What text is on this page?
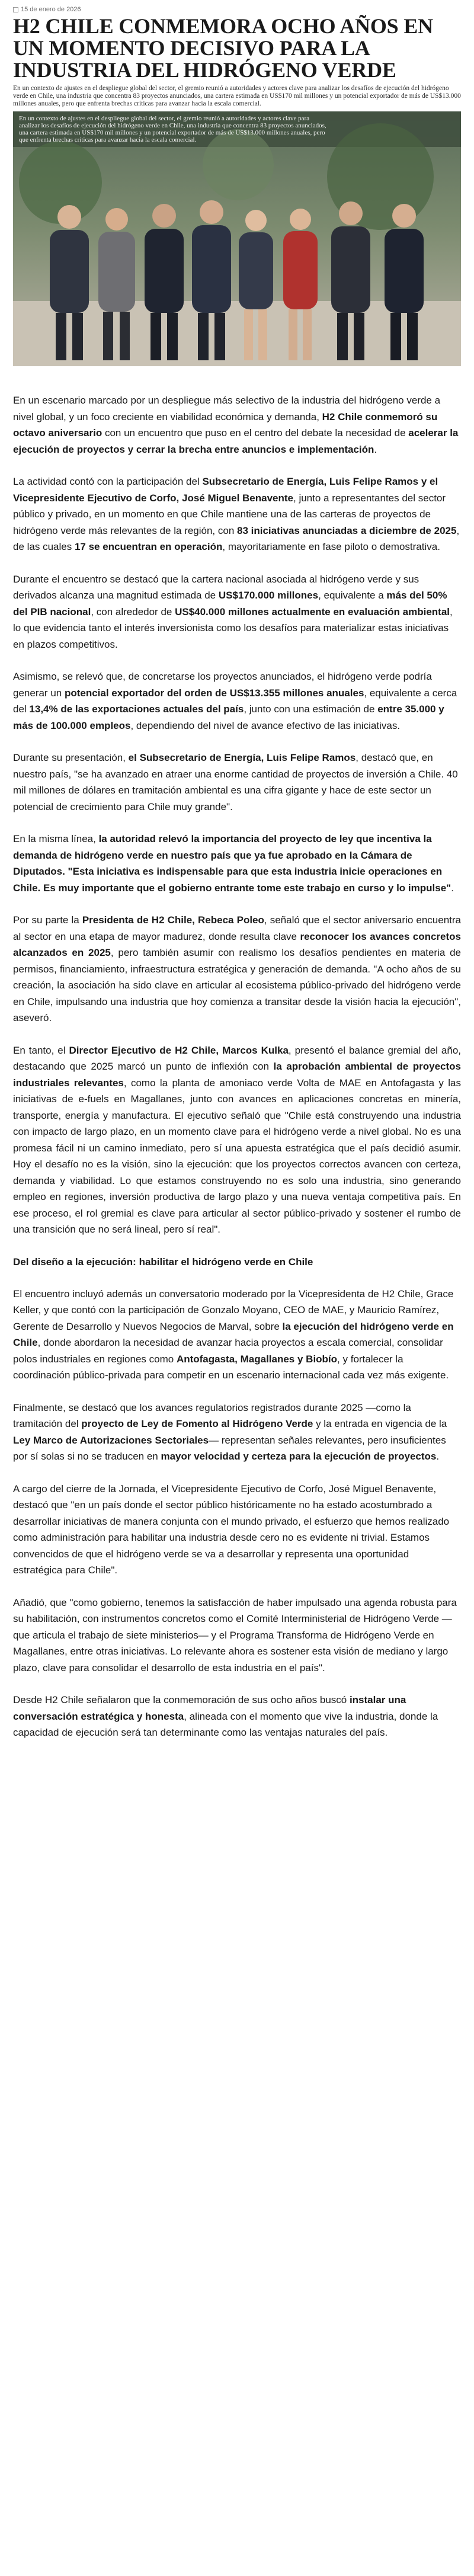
15 de enero de 2026
H2 CHILE CONMEMORA OCHO AÑOS EN UN MOMENTO DECISIVO PARA LA INDUSTRIA DEL HIDRÓGENO VERDE
En un contexto de ajustes en el despliegue global del sector, el gremio reunió a autoridades y actores clave para analizar los desafíos de ejecución del hidrógeno verde en Chile, una industria que concentra 83 proyectos anunciados, una cartera estimada en US$170 mil millones y un potencial exportador de más de US$13.000 millones anuales, pero que enfrenta brechas críticas para avanzar hacia la escala comercial.
En un contexto de ajustes en el despliegue global del sector, el gremio reunió a autoridades y actores clave para analizar los desafíos de ejecución del hidrógeno verde en Chile, una industria que concentra 83 proyectos anunciados, una cartera estimada en US$170 mil millones y un potencial exportador de más de US$13.000 millones anuales, pero que enfrenta brechas críticas para avanzar hacia la escala comercial.

En un escenario marcado por un despliegue más selectivo de la industria del hidrógeno verde a nivel global, y un foco creciente en viabilidad económica y demanda, H2 Chile conmemoró su octavo aniversario con un encuentro que puso en el centro del debate la necesidad de acelerar la ejecución de proyectos y cerrar la brecha entre anuncios e implementación.

La actividad contó con la participación del Subsecretario de Energía, Luis Felipe Ramos y el Vicepresidente Ejecutivo de Corfo, José Miguel Benavente, junto a representantes del sector público y privado, en un momento en que Chile mantiene una de las carteras de proyectos de hidrógeno verde más relevantes de la región, con 83 iniciativas anunciadas a diciembre de 2025, de las cuales 17 se encuentran en operación, mayoritariamente en fase piloto o demostrativa.

Durante el encuentro se destacó que la cartera nacional asociada al hidrógeno verde y sus derivados alcanza una magnitud estimada de US$170.000 millones, equivalente a más del 50% del PIB nacional, con alrededor de US$40.000 millones actualmente en evaluación ambiental, lo que evidencia tanto el interés inversionista como los desafíos para materializar estas iniciativas en plazos competitivos.

Asimismo, se relevó que, de concretarse los proyectos anunciados, el hidrógeno verde podría generar un potencial exportador del orden de US$13.355 millones anuales, equivalente a cerca del 13,4% de las exportaciones actuales del país, junto con una estimación de entre 35.000 y más de 100.000 empleos, dependiendo del nivel de avance efectivo de las iniciativas.

Durante su presentación, el Subsecretario de Energía, Luis Felipe Ramos, destacó que, en nuestro país, "se ha avanzado en atraer una enorme cantidad de proyectos de inversión a Chile. 40 mil millones de dólares en tramitación ambiental es una cifra gigante y hace de este sector un potencial de crecimiento para Chile muy grande".

En la misma línea, la autoridad relevó la importancia del proyecto de ley que incentiva la demanda de hidrógeno verde en nuestro país que ya fue aprobado en la Cámara de Diputados. "Esta iniciativa es indispensable para que esta industria inicie operaciones en Chile. Es muy importante que el gobierno entrante tome este trabajo en curso y lo impulse".

Por su parte la Presidenta de H2 Chile, Rebeca Poleo, señaló que el sector aniversario encuentra al sector en una etapa de mayor madurez, donde resulta clave reconocer los avances concretos alcanzados en 2025, pero también asumir con realismo los desafíos pendientes en materia de permisos, financiamiento, infraestructura estratégica y generación de demanda. "A ocho años de su creación, la asociación ha sido clave en articular al ecosistema público-privado del hidrógeno verde en Chile, impulsando una industria que hoy comienza a transitar desde la visión hacia la ejecución", aseveró.

En tanto, el Director Ejecutivo de H2 Chile, Marcos Kulka, presentó el balance gremial del año, destacando que 2025 marcó un punto de inflexión con la aprobación ambiental de proyectos industriales relevantes, como la planta de amoniaco verde Volta de MAE en Antofagasta y las iniciativas de e-fuels en Magallanes, junto con avances en aplicaciones concretas en minería, transporte, energía y manufactura. El ejecutivo señaló que "Chile está construyendo una industria con impacto de largo plazo, en un momento clave para el hidrógeno verde a nivel global. No es una promesa fácil ni un camino inmediato, pero sí una apuesta estratégica que el país decidió asumir. Hoy el desafío no es la visión, sino la ejecución: que los proyectos correctos avancen con certeza, demanda y viabilidad. Lo que estamos construyendo no es solo una industria, sino generando empleo en regiones, inversión productiva de largo plazo y una nueva ventaja competitiva país. En ese proceso, el rol gremial es clave para articular al sector público-privado y sostener el rumbo de una transición que no será lineal, pero sí real".

Del diseño a la ejecución: habilitar el hidrógeno verde en Chile

El encuentro incluyó además un conversatorio moderado por la Vicepresidenta de H2 Chile, Grace Keller, y que contó con la participación de Gonzalo Moyano, CEO de MAE, y Mauricio Ramírez, Gerente de Desarrollo y Nuevos Negocios de Marval, sobre la ejecución del hidrógeno verde en Chile, donde abordaron la necesidad de avanzar hacia proyectos a escala comercial, consolidar polos industriales en regiones como Antofagasta, Magallanes y Biobío, y fortalecer la coordinación público-privada para competir en un escenario internacional cada vez más exigente.

Finalmente, se destacó que los avances regulatorios registrados durante 2025 —como la tramitación del proyecto de Ley de Fomento al Hidrógeno Verde y la entrada en vigencia de la Ley Marco de Autorizaciones Sectoriales— representan señales relevantes, pero insuficientes por sí solas si no se traducen en mayor velocidad y certeza para la ejecución de proyectos.

A cargo del cierre de la Jornada, el Vicepresidente Ejecutivo de Corfo, José Miguel Benavente, destacó que "en un país donde el sector público históricamente no ha estado acostumbrado a desarrollar iniciativas de manera conjunta con el mundo privado, el esfuerzo que hemos realizado como administración para habilitar una industria desde cero no es evidente ni trivial. Estamos convencidos de que el hidrógeno verde se va a desarrollar y representa una oportunidad estratégica para Chile".

Añadió, que "como gobierno, tenemos la satisfacción de haber impulsado una agenda robusta para su habilitación, con instrumentos concretos como el Comité Interministerial de Hidrógeno Verde —que articula el trabajo de siete ministerios— y el Programa Transforma de Hidrógeno Verde en Magallanes, entre otras iniciativas. Lo relevante ahora es sostener esta visión de mediano y largo plazo, clave para consolidar el desarrollo de esta industria en el país".

Desde H2 Chile señalaron que la conmemoración de sus ocho años buscó instalar una conversación estratégica y honesta, alineada con el momento que vive la industria, donde la capacidad de ejecución será tan determinante como las ventajas naturales del país.
